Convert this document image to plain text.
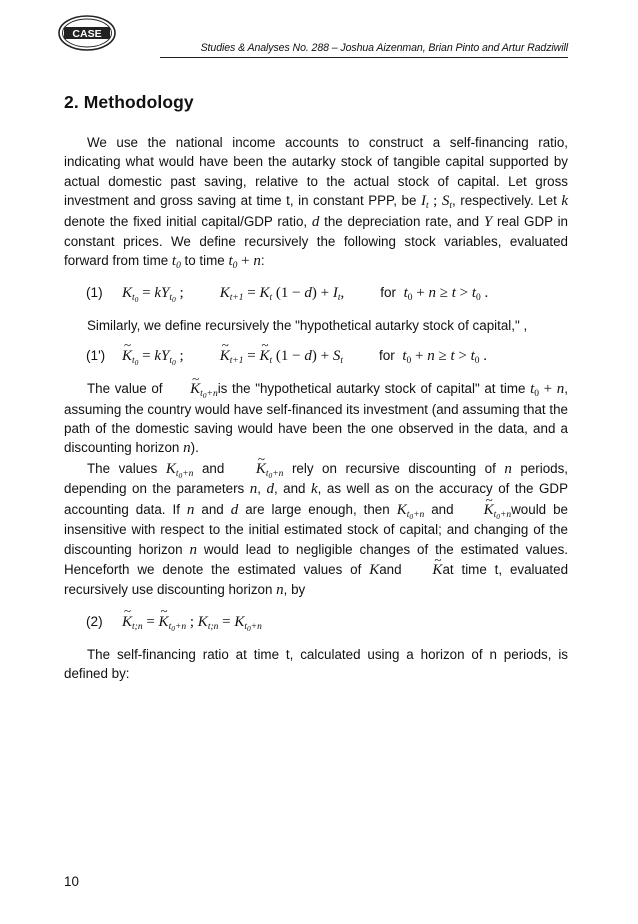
CASE
Studies & Analyses No. 288 – Joshua Aizenman, Brian Pinto and Artur Radziwill
2. Methodology

We use the national income accounts to construct a self-financing ratio, indicating what would have been the autarky stock of tangible capital supported by actual domestic past saving, relative to the actual stock of capital. Let gross investment and gross saving at time t, in constant PPP, be $I_t$ ; $S_t$, respectively. Let k denote the fixed initial capital/GDP ratio, d the depreciation rate, and Y real GDP in constant prices. We define recursively the following stock variables, evaluated forward from time $t_0$ to time $t_0 + n$:

(1) $K_{t_0} = kY_{t_0}$ ; $K_{t+1} = K_t$ $(1 - d) + I_t$,	for $t_0 + n \ge t > t_0$ .

Similarly, we define recursively the "hypothetical autarky stock of capital," ,

(1') ~ $K_{t_0} = kY_{t_0}$ ; ~ $K_{t+1}$ = ~ $K_t$ $(1 - d) + S_t$	for $t_0 + n \ge t > t_0$ .

The value of ~ $K_{t_0+n}is$ the "hypothetical autarky stock of capital" at time $t_0 + n$, assuming the country would have self-financed its investment (and assuming that the path of the domestic saving would have been the one observed in the data, and a discounting horizon n).

The values $K_{t_0+n}$ and ~ $K_{t_0+n}$ rely on recursive discounting of n periods, depending on the parameters n, d, and k, as well as on the accuracy of the GDP accounting data. If n and d are large enough, then $K_{t_0+n}$ and ~ $K_{t_0+n}would$ be insensitive with respect to the initial estimated stock of capital; and changing of the discounting horizon n would lead to negligible changes of the estimated values. Henceforth we denote the estimated values of Kand ~ Kat time t, evaluated recursively use discounting horizon n, by

(2) ~ $K_{t;n}$ = ~ $K_{t_0+n}$ ; $K_{t;n} = K_{t_0+n}$

The self-financing ratio at time t, calculated using a horizon of n periods, is defined by:

10
